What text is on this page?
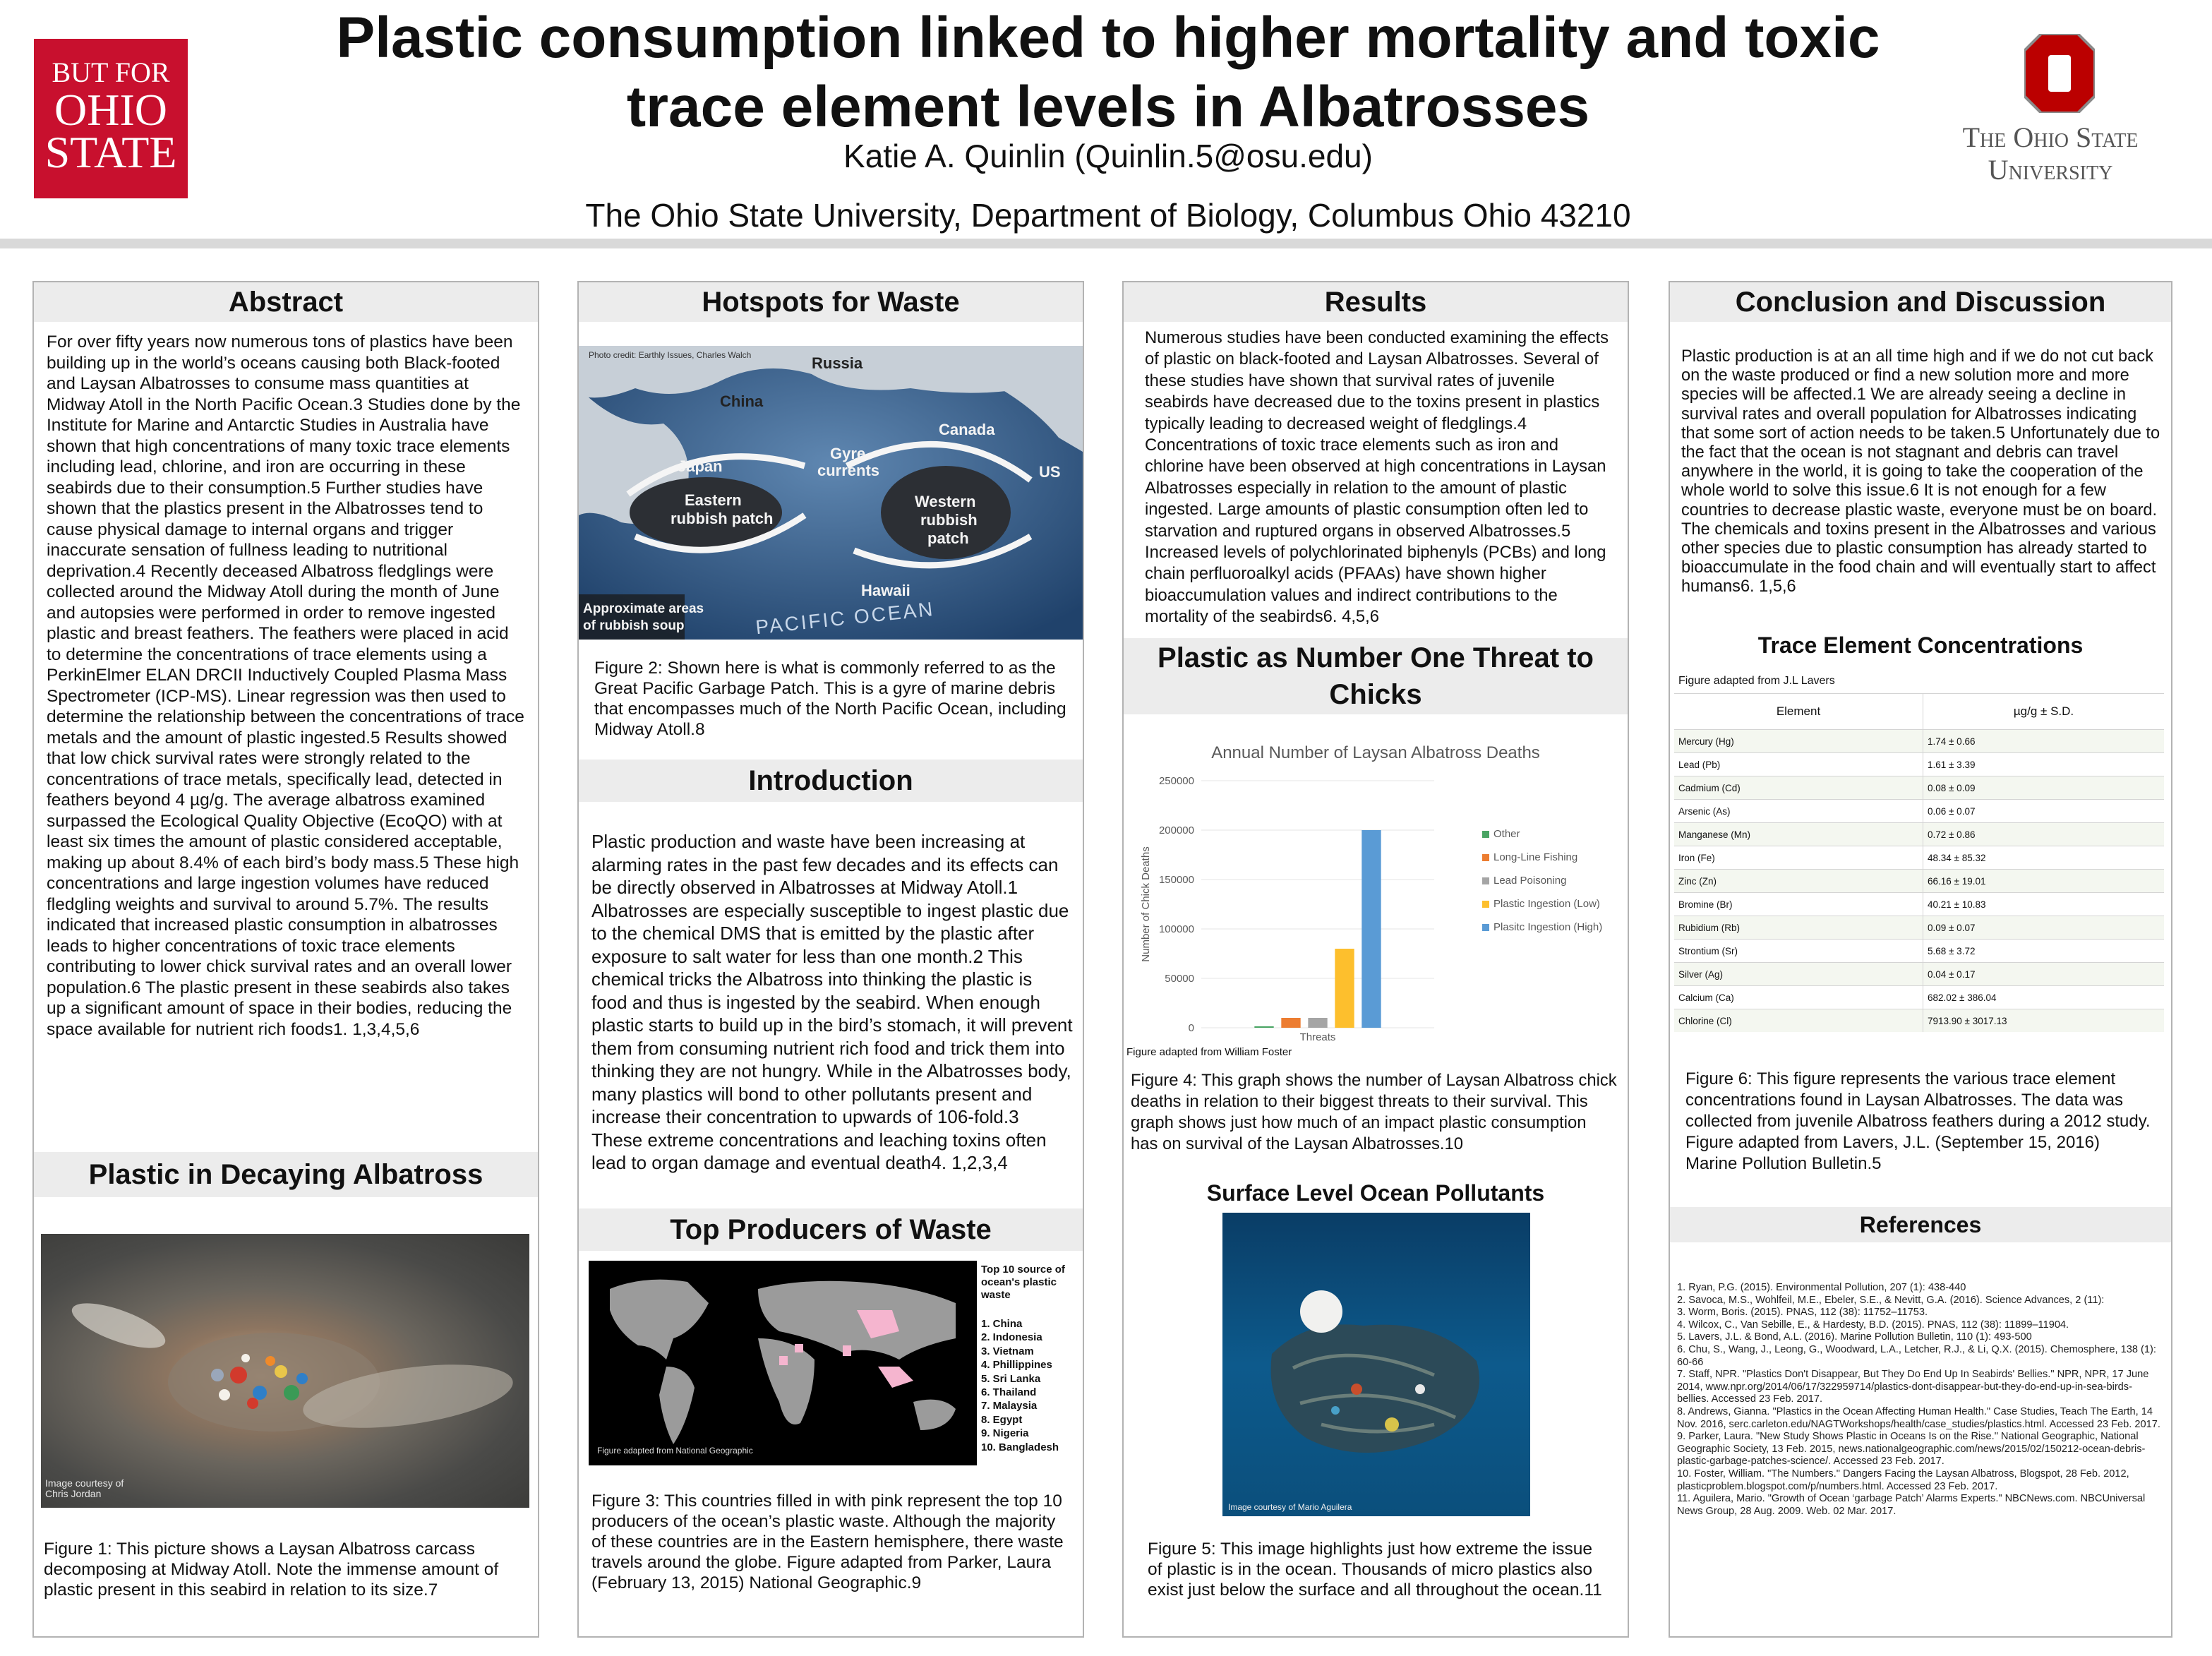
BUT FOR
OHIO
STATE
Plastic consumption linked to higher mortality and toxic
trace element levels in Albatrosses
Katie A. Quinlin (Quinlin.5@osu.edu)
The Ohio State University, Department of Biology, Columbus Ohio 43210
The Ohio State
University
Abstract
For over fifty years now numerous tons of plastics have been building up in the world’s oceans causing both Black-footed and Laysan Albatrosses to consume mass quantities at Midway Atoll in the North Pacific Ocean.3 Studies done by the Institute for Marine and Antarctic Studies in Australia have shown that high concentrations of many toxic trace elements including lead, chlorine, and iron are occurring in these seabirds due to their consumption.5 Further studies have shown that the plastics present in the Albatrosses tend to cause physical damage to internal organs and trigger inaccurate sensation of fullness leading to nutritional deprivation.4 Recently deceased Albatross fledglings were collected around the Midway Atoll during the month of June and autopsies were performed in order to remove ingested plastic and breast feathers. The feathers were placed in acid to determine the concentrations of trace elements using a PerkinElmer ELAN DRCII Inductively Coupled Plasma Mass Spectrometer (ICP-MS). Linear regression was then used to determine the relationship between the concentrations of trace metals and the amount of plastic ingested.5 Results showed that low chick survival rates were strongly related to the concentrations of trace metals, specifically lead, detected in feathers beyond 4 µg/g. The average albatross examined surpassed the Ecological Quality Objective (EcoQO) with at least six times the amount of plastic considered acceptable, making up about 8.4% of each bird’s body mass.5 These high concentrations and large ingestion volumes have reduced fledgling weights and survival to around 5.7%. The results indicated that increased plastic consumption in albatrosses leads to higher concentrations of toxic trace elements contributing to lower chick survival rates and an overall lower population.6 The plastic present in these seabirds also takes up a significant amount of space in their bodies, reducing the space available for nutrient rich foods1. 1,3,4,5,6
Plastic in Decaying Albatross
Image courtesy of Chris Jordan
Figure 1: This picture shows a Laysan Albatross carcass decomposing at Midway Atoll. Note the immense amount of plastic present in this seabird in relation to its size.7
Hotspots for Waste
Photo credit: Earthly Issues, Charles Walch	Russia
China
Canada
Japan
Gyre
currents	US
Eastern
rubbish patch
Western
rubbish
patch
Hawaii
Approximate areas
of rubbish soup	PACIFIC OCEAN
Figure 2: Shown here is what is commonly referred to as the Great Pacific Garbage Patch. This is a gyre of marine debris that encompasses much of the North Pacific Ocean, including Midway Atoll.8
Introduction
Plastic production and waste have been increasing at alarming rates in the past few decades and its effects can be directly observed in Albatrosses at Midway Atoll.1 Albatrosses are especially susceptible to ingest plastic due to the chemical DMS that is emitted by the plastic after exposure to salt water for less than one month.2 This chemical tricks the Albatross into thinking the plastic is food and thus is ingested by the seabird. When enough plastic starts to build up in the bird’s stomach, it will prevent them from consuming nutrient rich food and trick them into thinking they are not hungry. While in the Albatrosses body, many plastics will bond to other pollutants present and increase their concentration to upwards of 106-fold.3 These extreme concentrations and leaching toxins often lead to organ damage and eventual death4. 1,2,3,4
Top Producers of Waste
Figure adapted from National Geographic
Top 10 source of ocean's plastic waste
1. China
2. Indonesia
3. Vietnam
4. Phillippines
5. Sri Lanka
6. Thailand
7. Malaysia
8. Egypt
9. Nigeria
10. Bangladesh
Figure 3: This countries filled in with pink represent the top 10 producers of the ocean’s plastic waste. Although the majority of these countries are in the Eastern hemisphere, there waste travels around the globe. Figure adapted from Parker, Laura (February 13, 2015) National Geographic.9
Results
Numerous studies have been conducted examining the effects of plastic on black-footed and Laysan Albatrosses. Several of these studies have shown that survival rates of juvenile seabirds have decreased due to the toxins present in plastics typically leading to decreased weight of fledglings.4 Concentrations of toxic trace elements such as iron and chlorine have been observed at high concentrations in Laysan Albatrosses especially in relation to the amount of plastic ingested. Large amounts of plastic consumption often led to starvation and ruptured organs in observed Albatrosses.5 Increased levels of polychlorinated biphenyls (PCBs) and long chain perfluoroalkyl acids (PFAAs) have shown higher bioaccumulation values and indirect contributions to the mortality of the seabirds6. 4,5,6
Plastic as Number One Threat to
Chicks
Annual Number of Laysan Albatross Deaths
0
50000
100000
150000
200000
250000
Number of Chick Deaths
Threats
Other
Long-Line Fishing
Lead Poisoning
Plastic Ingestion (Low)
Plasitc Ingestion (High)
Figure adapted from William Foster
Figure 4: This graph shows the number of Laysan Albatross chick deaths in relation to their biggest threats to their survival. This graph shows just how much of an impact plastic consumption has on survival of the Laysan Albatrosses.10
Surface Level Ocean Pollutants
Image courtesy of Mario Aguilera
Figure 5: This image highlights just how extreme the issue of plastic is in the ocean. Thousands of micro plastics also exist just below the surface and all throughout the ocean.11
Conclusion and Discussion
Plastic production is at an all time high and if we do not cut back on the waste produced or find a new solution more and more species will be affected.1 We are already seeing a decline in survival rates and overall population for Albatrosses indicating that some sort of action needs to be taken.5 Unfortunately due to the fact that the ocean is not stagnant and debris can travel anywhere in the world, it is going to take the cooperation of the whole world to solve this issue.6 It is not enough for a few countries to decrease plastic waste, everyone must be on board. The chemicals and toxins present in the Albatrosses and various other species due to plastic consumption has already started to bioaccumulate in the food chain and will eventually start to affect humans6. 1,5,6
Trace Element Concentrations
Figure adapted from J.L Lavers
Element	µg/g ± S.D.
Mercury (Hg)	1.74 ± 0.66
Lead (Pb)	1.61 ± 3.39
Cadmium (Cd)	0.08 ± 0.09
Arsenic (As)	0.06 ± 0.07
Manganese (Mn)	0.72 ± 0.86
Iron (Fe)	48.34 ± 85.32
Zinc (Zn)	66.16 ± 19.01
Bromine (Br)	40.21 ± 10.83
Rubidium (Rb)	0.09 ± 0.07
Strontium (Sr)	5.68 ± 3.72
Silver (Ag)	0.04 ± 0.17
Calcium (Ca)	682.02 ± 386.04
Chlorine (Cl)	7913.90 ± 3017.13
Figure 6: This figure represents the various trace element concentrations found in Laysan Albatrosses. The data was collected from juvenile Albatross feathers during a 2012 study. Figure adapted from Lavers, J.L. (September 15, 2016) Marine Pollution Bulletin.5
References
1. Ryan, P.G. (2015). Environmental Pollution, 207 (1): 438-440
2. Savoca, M.S., Wohlfeil, M.E., Ebeler, S.E., & Nevitt, G.A. (2016). Science Advances, 2 (11):
3. Worm, Boris. (2015). PNAS, 112 (38): 11752–11753.
4. Wilcox, C., Van Sebille, E., & Hardesty, B.D. (2015). PNAS, 112 (38): 11899–11904.
5. Lavers, J.L. & Bond, A.L. (2016). Marine Pollution Bulletin, 110 (1): 493-500
6. Chu, S., Wang, J., Leong, G., Woodward, L.A., Letcher, R.J., & Li, Q.X. (2015). Chemosphere, 138 (1): 60-66
7. Staff, NPR. "Plastics Don't Disappear, But They Do End Up In Seabirds' Bellies." NPR, NPR, 17 June 2014, www.npr.org/2014/06/17/322959714/plastics-dont-disappear-but-they-do-end-up-in-sea-birds-bellies. Accessed 23 Feb. 2017.
8. Andrews, Gianna. "Plastics in the Ocean Affecting Human Health." Case Studies, Teach The Earth, 14 Nov. 2016, serc.carleton.edu/NAGTWorkshops/health/case_studies/plastics.html. Accessed 23 Feb. 2017.
9. Parker, Laura. "New Study Shows Plastic in Oceans Is on the Rise." National Geographic, National Geographic Society, 13 Feb. 2015, news.nationalgeographic.com/news/2015/02/150212-ocean-debris-plastic-garbage-patches-science/. Accessed 23 Feb. 2017.
10. Foster, William. "The Numbers." Dangers Facing the Laysan Albatross, Blogspot, 28 Feb. 2012, plasticproblem.blogspot.com/p/numbers.html. Accessed 23 Feb. 2017.
11. Aguilera, Mario. "Growth of Ocean ‘garbage Patch’ Alarms Experts." NBCNews.com. NBCUniversal News Group, 28 Aug. 2009. Web. 02 Mar. 2017.
